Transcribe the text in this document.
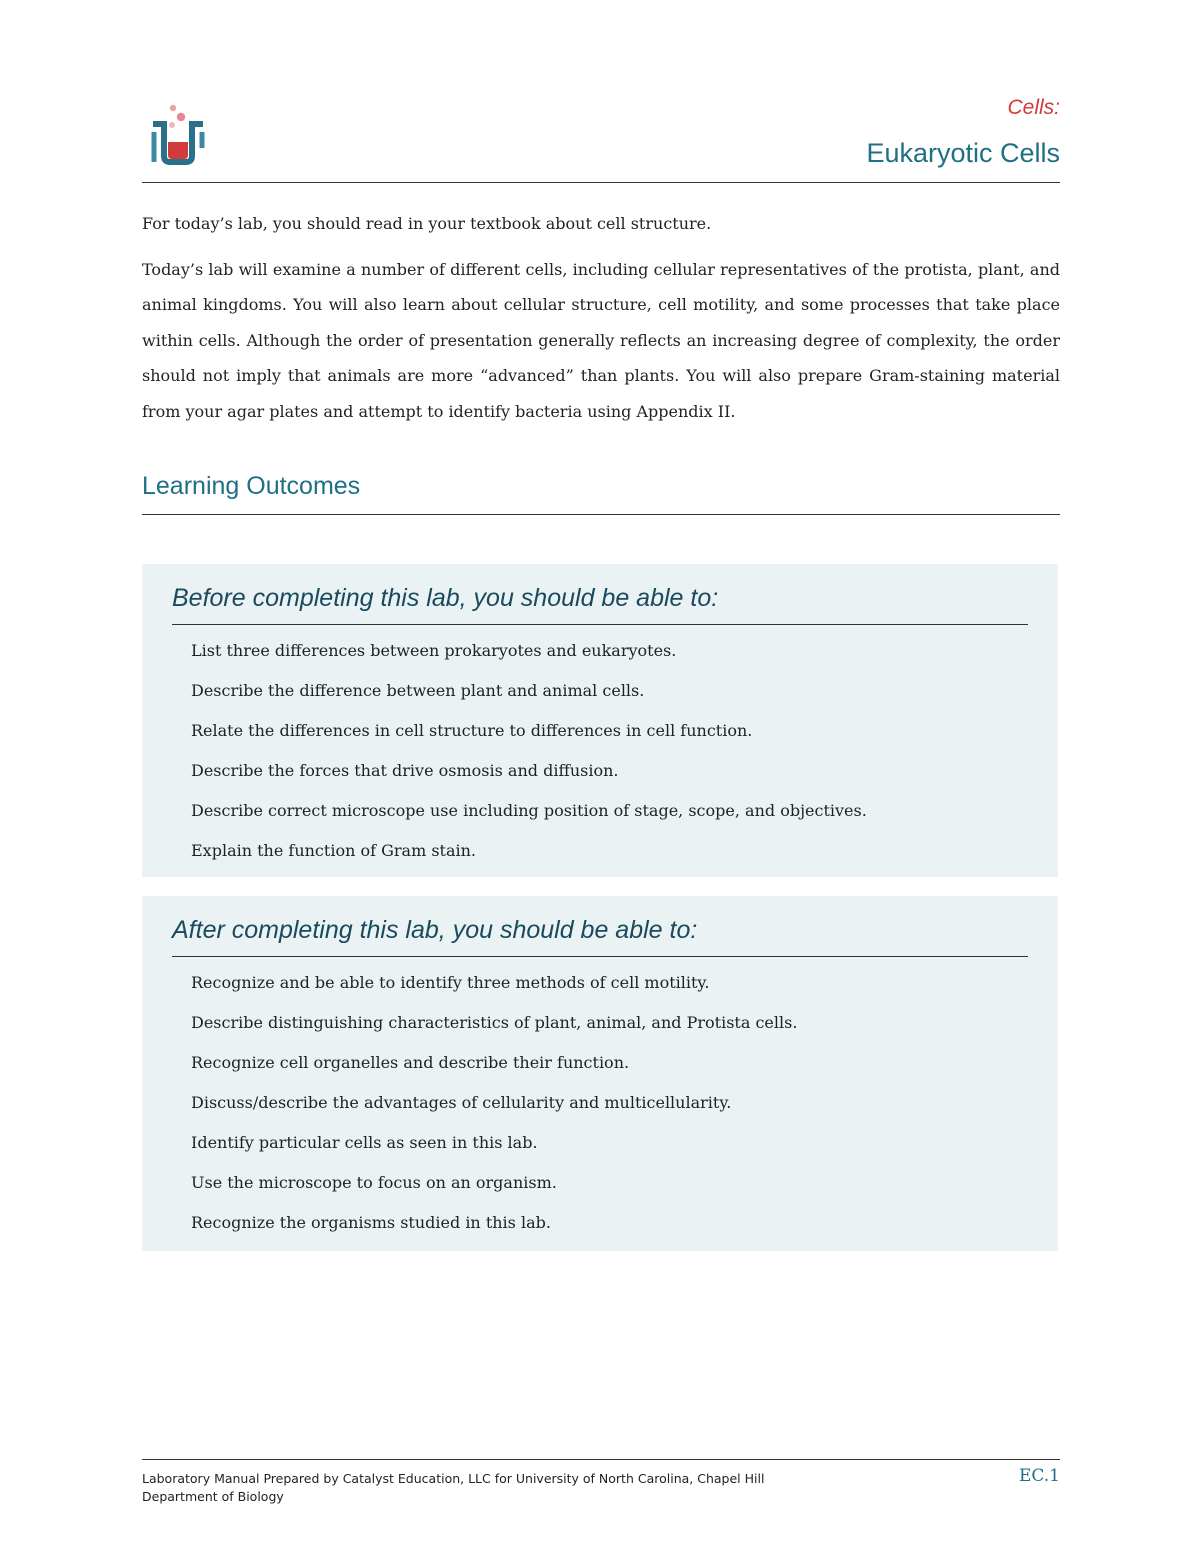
Cells:
Eukaryotic Cells

For today’s lab, you should read in your textbook about cell structure.

Today’s lab will examine a number of different cells, including cellular representatives of the protista, plant, and animal kingdoms. You will also learn about cellular structure, cell motility, and some processes that take place within cells. Although the order of presentation generally reflects an increasing degree of complexity, the order should not imply that animals are more “advanced” than plants. You will also prepare Gram-staining material from your agar plates and attempt to identify bacteria using Appendix II.

Learning Outcomes
Before completing this lab, you should be able to:
List three differences between prokaryotes and eukaryotes.
Describe the difference between plant and animal cells.
Relate the differences in cell structure to differences in cell function.
Describe the forces that drive osmosis and diffusion.
Describe correct microscope use including position of stage, scope, and objectives.
Explain the function of Gram stain.
After completing this lab, you should be able to:
Recognize and be able to identify three methods of cell motility.
Describe distinguishing characteristics of plant, animal, and Protista cells.
Recognize cell organelles and describe their function.
Discuss/describe the advantages of cellularity and multicellularity.
Identify particular cells as seen in this lab.
Use the microscope to focus on an organism.
Recognize the organisms studied in this lab.
Laboratory Manual Prepared by Catalyst Education, LLC for University of North Carolina, Chapel Hill
Department of Biology
EC.1
